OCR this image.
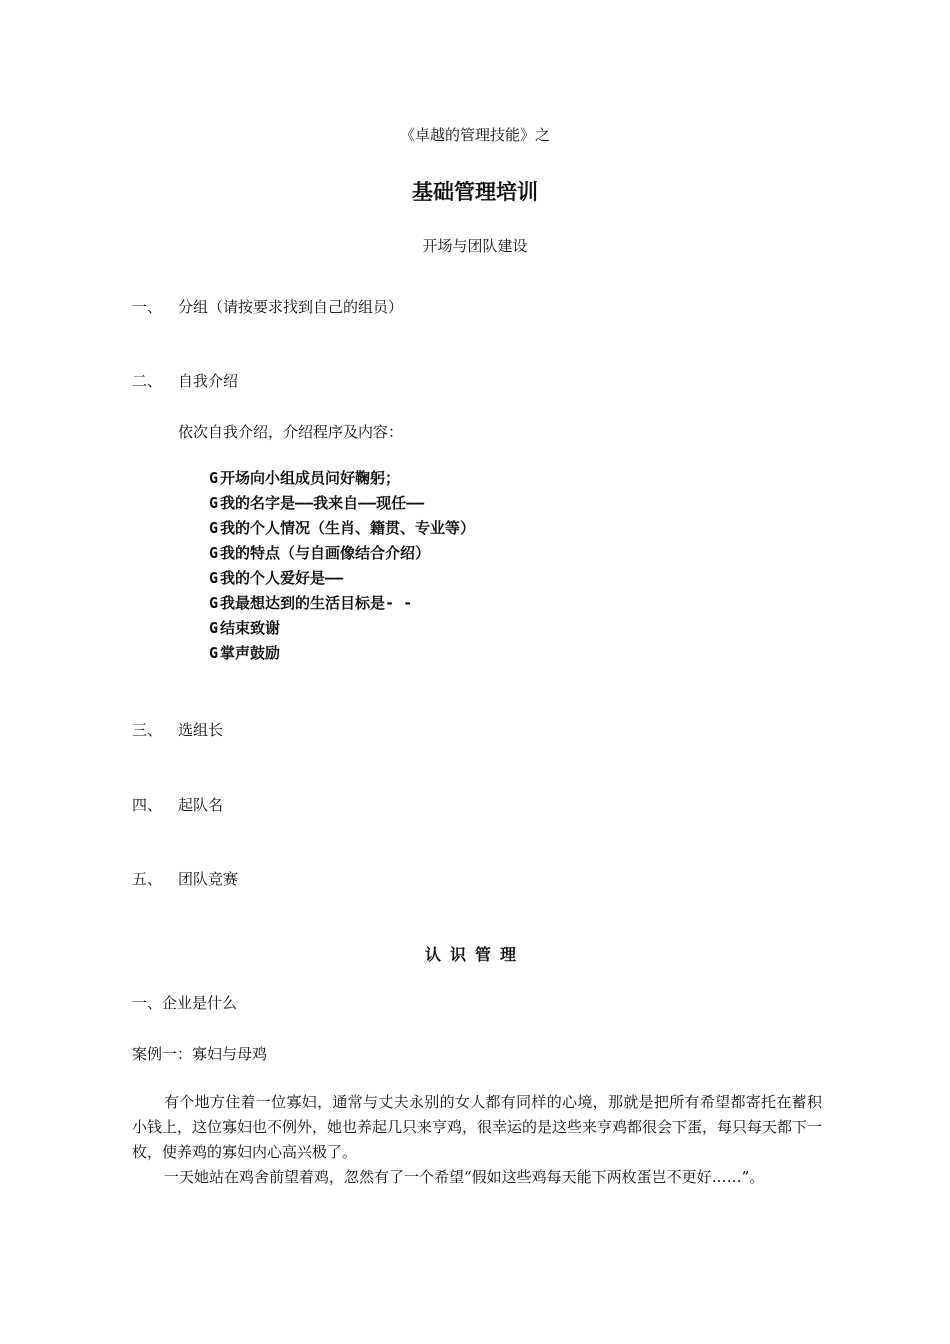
《卓越的管理技能》之
基础管理培训
开场与团队建设
一、 分组（请按要求找到自己的组员）
二、 自我介绍
依次自我介绍，介绍程序及内容：
G 开场向小组成员问好鞠躬；
G 我的名字是——我来自——现任——
G 我的个人情况（生肖、籍贯、专业等）
G 我的特点（与自画像结合介绍）
G 我的个人爱好是——
G 我最想达到的生活目标是- -
G 结束致谢
G 掌声鼓励
三、 选组长
四、 起队名
五、 团队竞赛
认识管理
一、企业是什么
案例一：寡妇与母鸡
有个地方住着一位寡妇，通常与丈夫永别的女人都有同样的心境，那就是把所有希望都寄托在蓄积小钱上，这位寡妇也不例外，她也养起几只来亨鸡，很幸运的是这些来亨鸡都很会下蛋，每只每天都下一枚，使养鸡的寡妇内心高兴极了。
一天她站在鸡舍前望着鸡，忽然有了一个希望“假如这些鸡每天能下两枚蛋岂不更好……”。
